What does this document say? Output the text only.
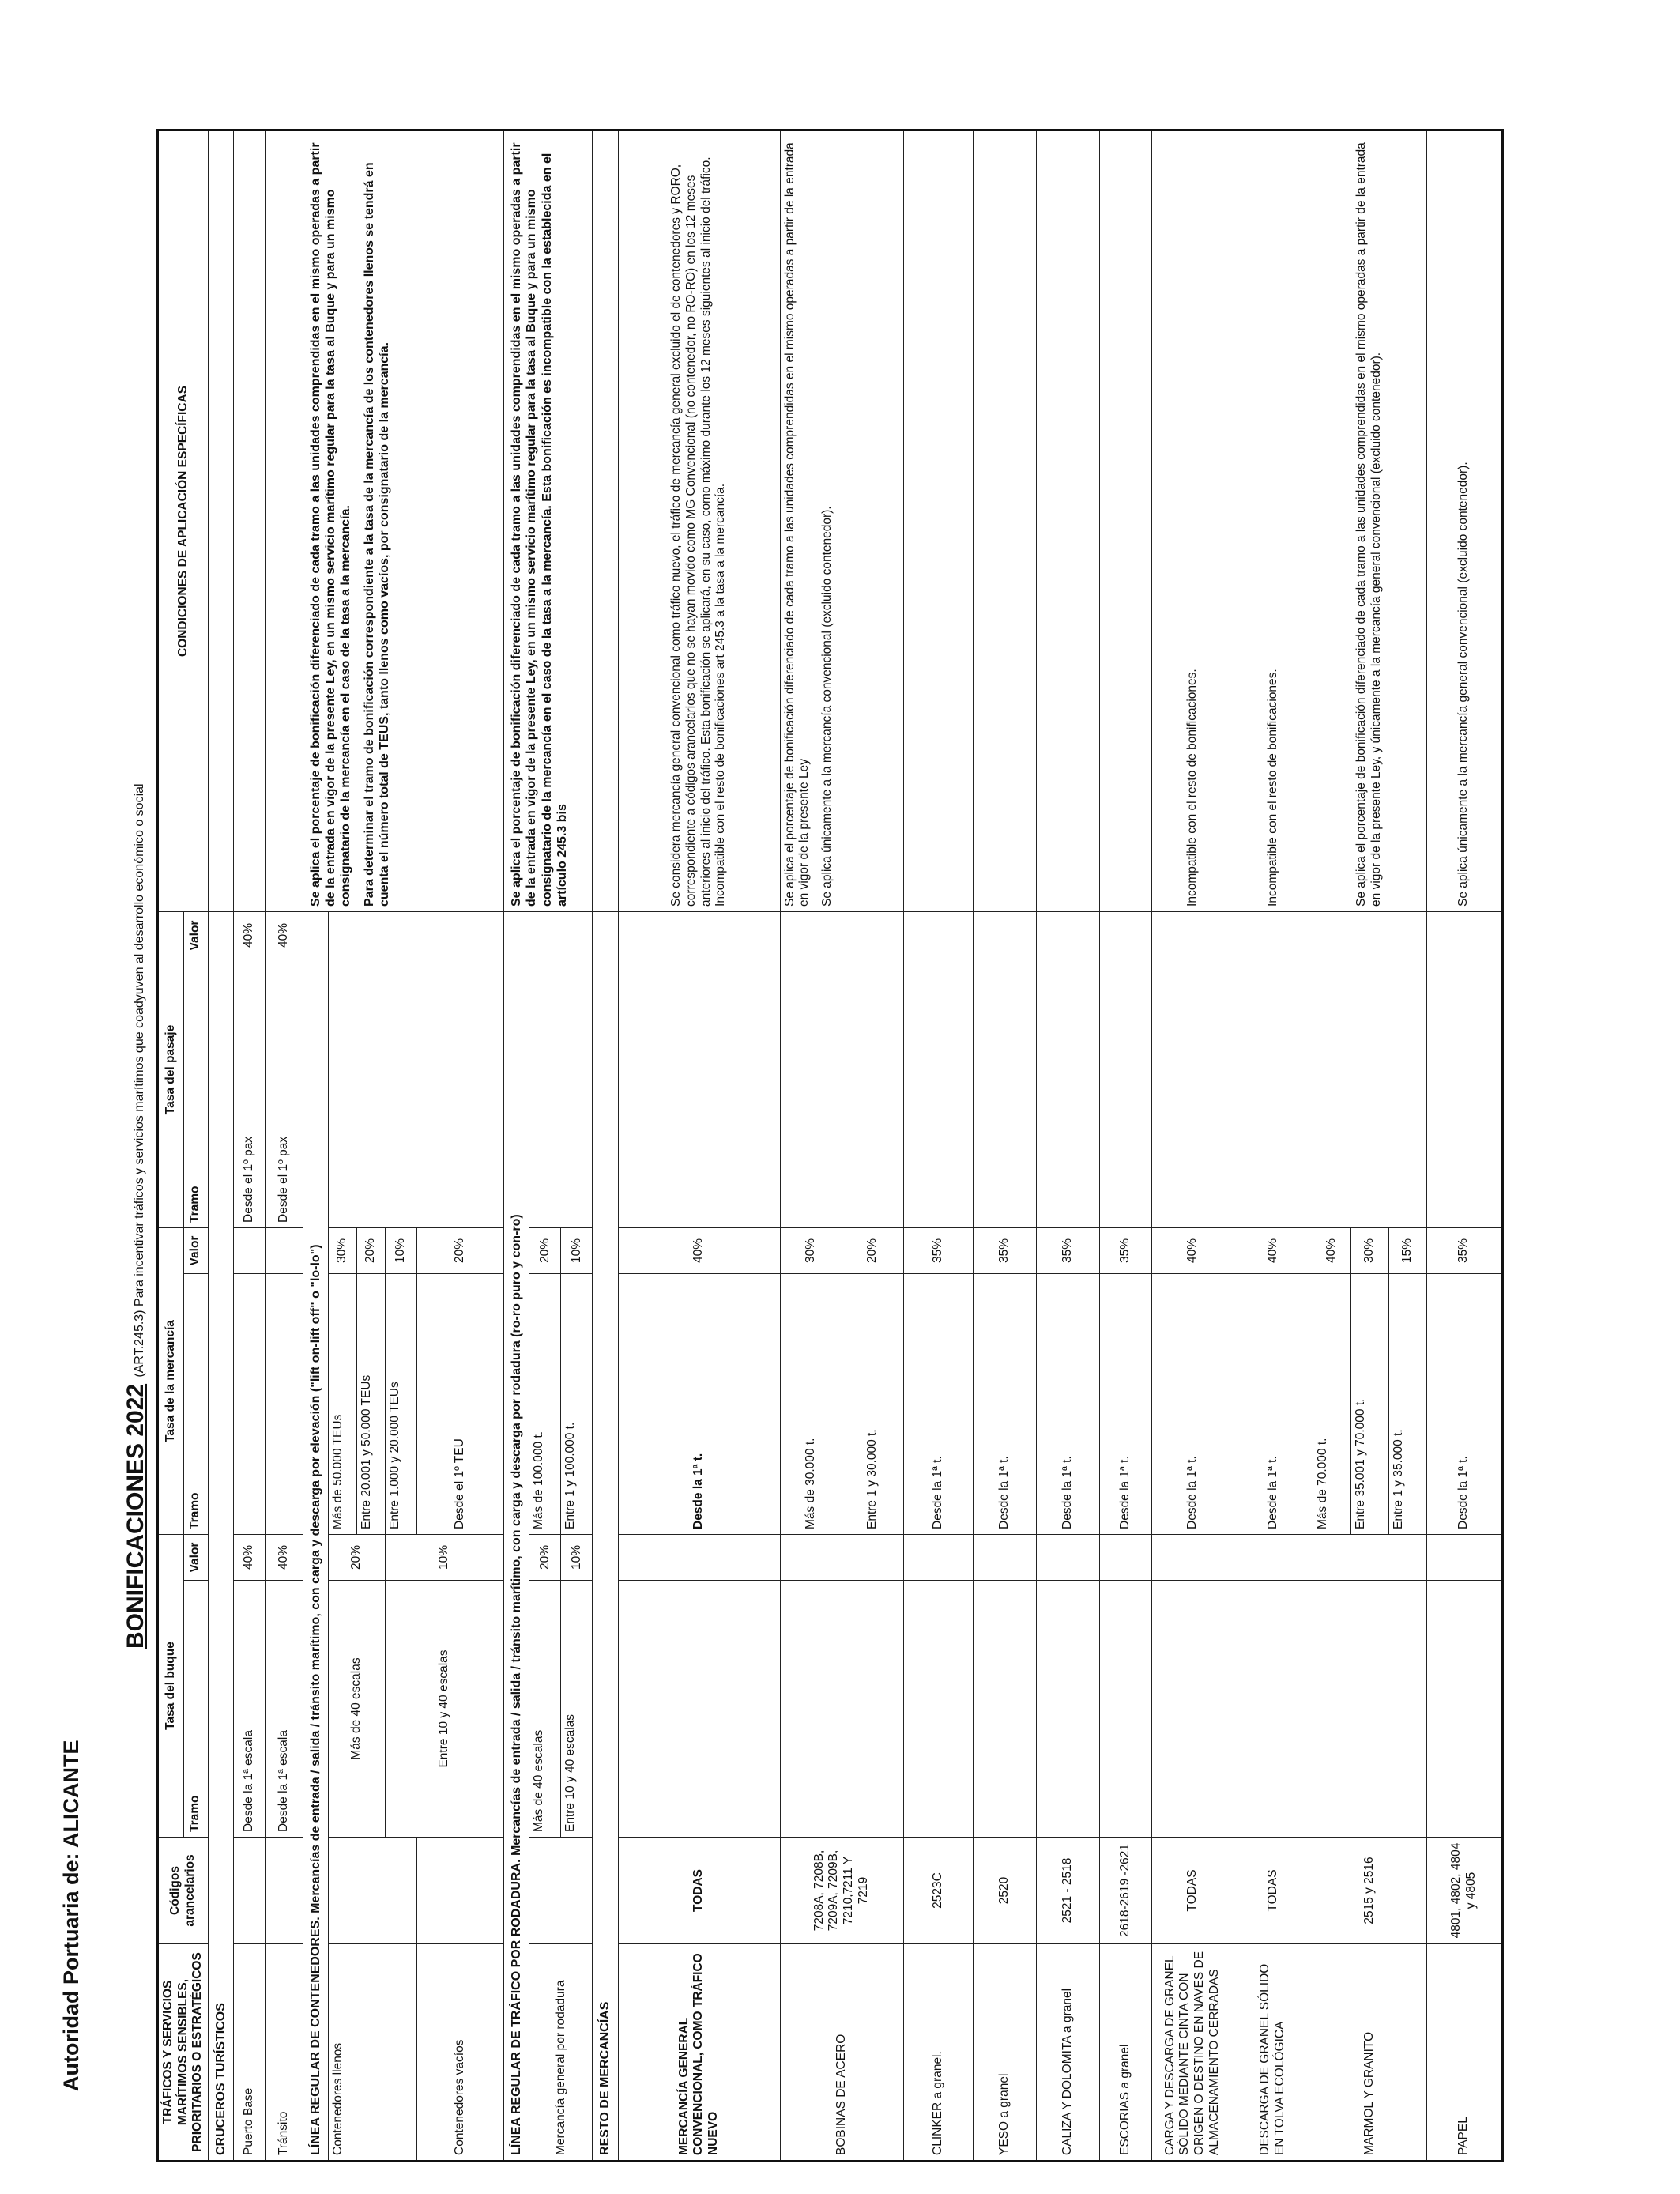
Autoridad Portuaria de: ALICANTE
BONIFICACIONES 2022 (ART.245.3) Para incentivar tráficos y servicios marítimos que coadyuven al desarrollo económico o social
TRÁFICOS Y SERVICIOS MARÍTIMOS SENSIBLES, PRIORITARIOS O ESTRATÉGICOS	Códigos arancelarios	Tasa del buque		Tasa de la mercancía		Tasa del pasaje		CONDICIONES DE APLICACIÓN ESPECÍFICAS
		Tramo	Valor	Tramo	Valor	Tramo	Valor	
CRUCEROS TURÍSTICOS								
Puerto Base		Desde la 1ª escala	40%			Desde el 1º pax	40%	
Tránsito		Desde la 1ª escala	40%			Desde el 1º pax	40%	
LÍNEA REGULAR DE CONTENEDORES. Mercancías de entrada / salida / tránsito marítimo, con carga y descarga por elevación ("lift on-lift off" o "lo-lo")								Se aplica el porcentaje de bonificación diferenciado de cada tramo a las unidades comprendidas en el mismo operadas a partir de la entrada en vigor de la presente Ley, en un mismo servicio marítimo regular para la tasa al Buque y para un mismo consignatario de la mercancía en el caso de la tasa a la mercancía. Para determinar el tramo de bonificación correspondiente a la tasa de la mercancía de los contenedores llenos se tendrá en cuenta el número total de TEUS, tanto llenos como vacíos, por consignatario de la mercancía.

Contenedores llenos		Más de 40 escalas	20%	Más de 50.000 TEUs	30%			
				Entre 20.001 y 50.000 TEUs	20%			
		Entre 10 y 40 escalas	10%	Entre 1.000 y 20.000 TEUs	10%			
Contenedores vacíos				Desde el 1º TEU	20%			
LÍNEA REGULAR DE TRÁFICO POR RODADURA. Mercancías de entrada / salida / tránsito marítimo, con carga y descarga por rodadura (ro-ro puro y con-ro)								Se aplica el porcentaje de bonificación diferenciado de cada tramo a las unidades comprendidas en el mismo operadas a partir de la entrada en vigor de la presente Ley, en un mismo servicio marítimo regular para la tasa al Buque y para un mismo consignatario de la mercancía en el caso de la tasa a la mercancía. Esta bonificación es incompatible con la establecida en el artículo 245.3 bis
Mercancía general por rodadura		Más de 40 escalas	20%	Más de 100.000 t.	20%			
		Entre 10 y 40 escalas	10%	Entre 1 y 100.000 t.	10%			
RESTO DE MERCANCÍAS								
MERCANCÍA GENERAL CONVENCIONAL, COMO TRÁFICO NUEVO	TODAS			Desde la 1ª t.	40%			Se considera mercancía general convencional como tráfico nuevo, el tráfico de mercancía general excluido el de contenedores y RORO, correspondiente a códigos arancelarios que no se hayan movido como MG Convencional (no contenedor, no RO-RO) en los 12 meses anteriores al inicio del tráfico. Esta bonificación se aplicará, en su caso, como máximo durante los 12 meses siguientes al inicio del tráfico. Incompatible con el resto de bonificaciones art 245.3 a la tasa a la mercancía.
BOBINAS DE ACERO	7208A, 7208B, 7209A, 7209B, 7210,7211 Y 7219			Más de 30.000 t.	30%			Se aplica el porcentaje de bonificación diferenciado de cada tramo a las unidades comprendidas en el mismo operadas a partir de la entrada en vigor de la presente Ley Se aplica únicamente a la mercancía convencional (excluido contenedor).

				Entre 1 y 30.000 t.	20%			
CLINKER a granel.	2523C			Desde la 1ª t.	35%			
YESO a granel	2520			Desde la 1ª t.	35%			
CALIZA Y DOLOMITA a granel	2521 - 2518			Desde la 1ª t.	35%			
ESCORIAS a granel	2618-2619 -2621			Desde la 1ª t.	35%			
CARGA Y DESCARGA DE GRANEL SÓLIDO MEDIANTE CINTA CON ORIGEN O DESTINO EN NAVES DE ALMACENAMIENTO CERRADAS	TODAS			Desde la 1ª t.	40%			Incompatible con el resto de bonificaciones.
DESCARGA DE GRANEL SÓLIDO EN TOLVA ECOLÓGICA	TODAS			Desde la 1ª t.	40%			Incompatible con el resto de bonificaciones.
MARMOL Y GRANITO	2515 y 2516			Más de 70.000 t.	40%			Se aplica el porcentaje de bonificación diferenciado de cada tramo a las unidades comprendidas en el mismo operadas a partir de la entrada en vigor de la presente Ley, y únicamente a la mercancía general convencional (excluido contenedor).
				Entre 35.001 y 70.000 t.	30%			
				Entre 1 y 35.000 t.	15%			
PAPEL	4801, 4802, 4804 y 4805			Desde la 1ª t.	35%			Se aplica únicamente a la mercancía general convencional (excluido contenedor).
